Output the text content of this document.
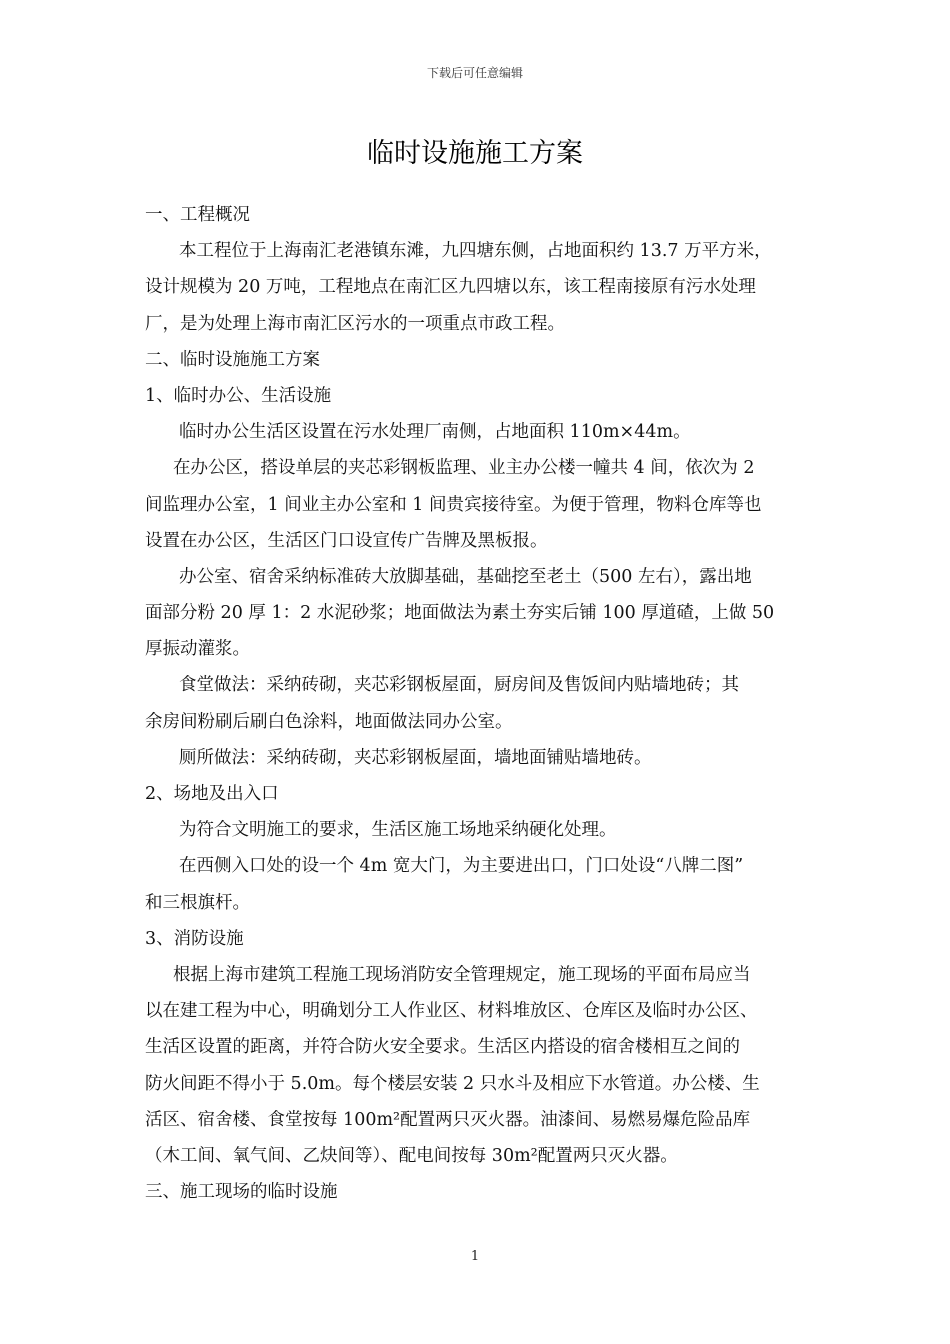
下载后可任意编辑
临时设施施工方案
一、工程概况
本工程位于上海南汇老港镇东滩，九四塘东侧，占地面积约 13.7 万平方米，
设计规模为 20 万吨，工程地点在南汇区九四塘以东，该工程南接原有污水处理
厂，是为处理上海市南汇区污水的一项重点市政工程。
二、临时设施施工方案
1、临时办公、生活设施
临时办公生活区设置在污水处理厂南侧，占地面积 110m×44m。
在办公区，搭设单层的夹芯彩钢板监理、业主办公楼一幢共 4 间，依次为 2
间监理办公室，1 间业主办公室和 1 间贵宾接待室。为便于管理，物料仓库等也
设置在办公区，生活区门口设宣传广告牌及黑板报。
办公室、宿舍采纳标准砖大放脚基础，基础挖至老土（500 左右），露出地
面部分粉 20 厚 1：2 水泥砂浆；地面做法为素土夯实后铺 100 厚道碴，上做 50
厚振动灌浆。
食堂做法：采纳砖砌，夹芯彩钢板屋面，厨房间及售饭间内贴墙地砖；其
余房间粉刷后刷白色涂料，地面做法同办公室。
厕所做法：采纳砖砌，夹芯彩钢板屋面，墙地面铺贴墙地砖。
2、场地及出入口
为符合文明施工的要求，生活区施工场地采纳硬化处理。
在西侧入口处的设一个 4m 宽大门，为主要进出口，门口处设“八牌二图”
和三根旗杆。
3、消防设施
根据上海市建筑工程施工现场消防安全管理规定，施工现场的平面布局应当
以在建工程为中心，明确划分工人作业区、材料堆放区、仓库区及临时办公区、
生活区设置的距离，并符合防火安全要求。生活区内搭设的宿舍楼相互之间的
防火间距不得小于 5.0m。每个楼层安装 2 只水斗及相应下水管道。办公楼、生
活区、宿舍楼、食堂按每 100m²配置两只灭火器。油漆间、易燃易爆危险品库
（木工间、氧气间、乙炔间等）、配电间按每 30m²配置两只灭火器。
三、施工现场的临时设施
1
